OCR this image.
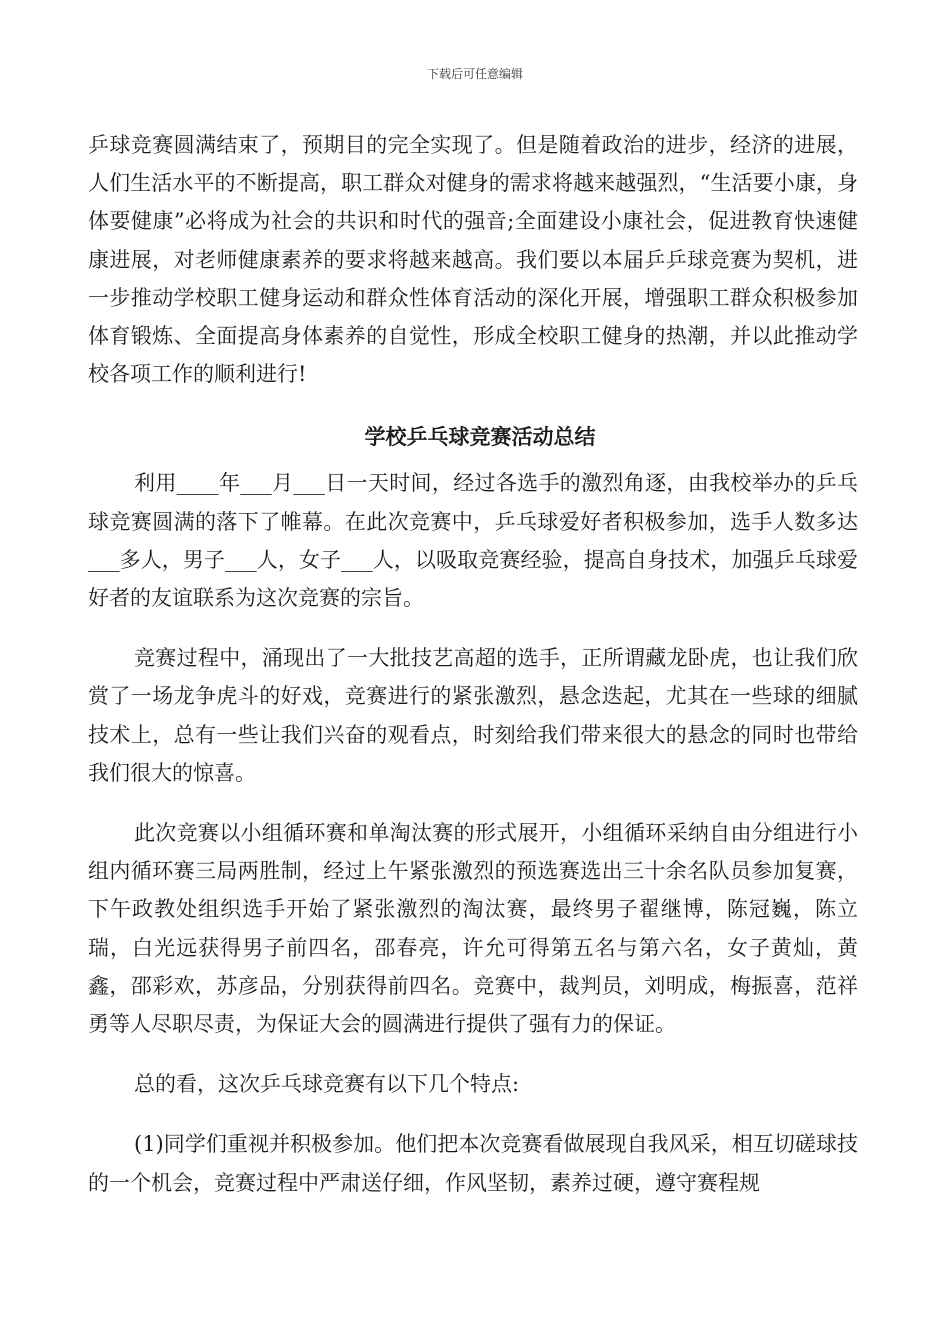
下载后可任意编辑

乒球竞赛圆满结束了，预期目的完全实现了。但是随着政治的进步，经济的进展，人们生活水平的不断提高，职工群众对健身的需求将越来越强烈，“生活要小康，身体要健康”必将成为社会的共识和时代的强音;全面建设小康社会，促进教育快速健康进展，对老师健康素养的要求将越来越高。我们要以本届乒乒球竞赛为契机，进一步推动学校职工健身运动和群众性体育活动的深化开展，增强职工群众积极参加体育锻炼、全面提高身体素养的自觉性，形成全校职工健身的热潮，并以此推动学校各项工作的顺利进行!

学校乒乓球竞赛活动总结

利用____年___月___日一天时间，经过各选手的激烈角逐，由我校举办的乒乓球竞赛圆满的落下了帷幕。在此次竞赛中，乒乓球爱好者积极参加，选手人数多达___多人，男子___人，女子___人，以吸取竞赛经验，提高自身技术，加强乒乓球爱好者的友谊联系为这次竞赛的宗旨。

竞赛过程中，涌现出了一大批技艺高超的选手，正所谓藏龙卧虎，也让我们欣赏了一场龙争虎斗的好戏，竞赛进行的紧张激烈，悬念迭起，尤其在一些球的细腻技术上，总有一些让我们兴奋的观看点，时刻给我们带来很大的悬念的同时也带给我们很大的惊喜。

此次竞赛以小组循环赛和单淘汰赛的形式展开，小组循环采纳自由分组进行小组内循环赛三局两胜制，经过上午紧张激烈的预选赛选出三十余名队员参加复赛，下午政教处组织选手开始了紧张激烈的淘汰赛，最终男子翟继博，陈冠巍，陈立瑞，白光远获得男子前四名，邵春亮，许允可得第五名与第六名，女子黄灿，黄鑫，邵彩欢，苏彦品，分别获得前四名。竞赛中，裁判员，刘明成，梅振喜，范祥勇等人尽职尽责，为保证大会的圆满进行提供了强有力的保证。

总的看，这次乒乓球竞赛有以下几个特点:

(1)同学们重视并积极参加。他们把本次竞赛看做展现自我风采，相互切磋球技的一个机会，竞赛过程中严肃送仔细，作风坚韧，素养过硬，遵守赛程规
